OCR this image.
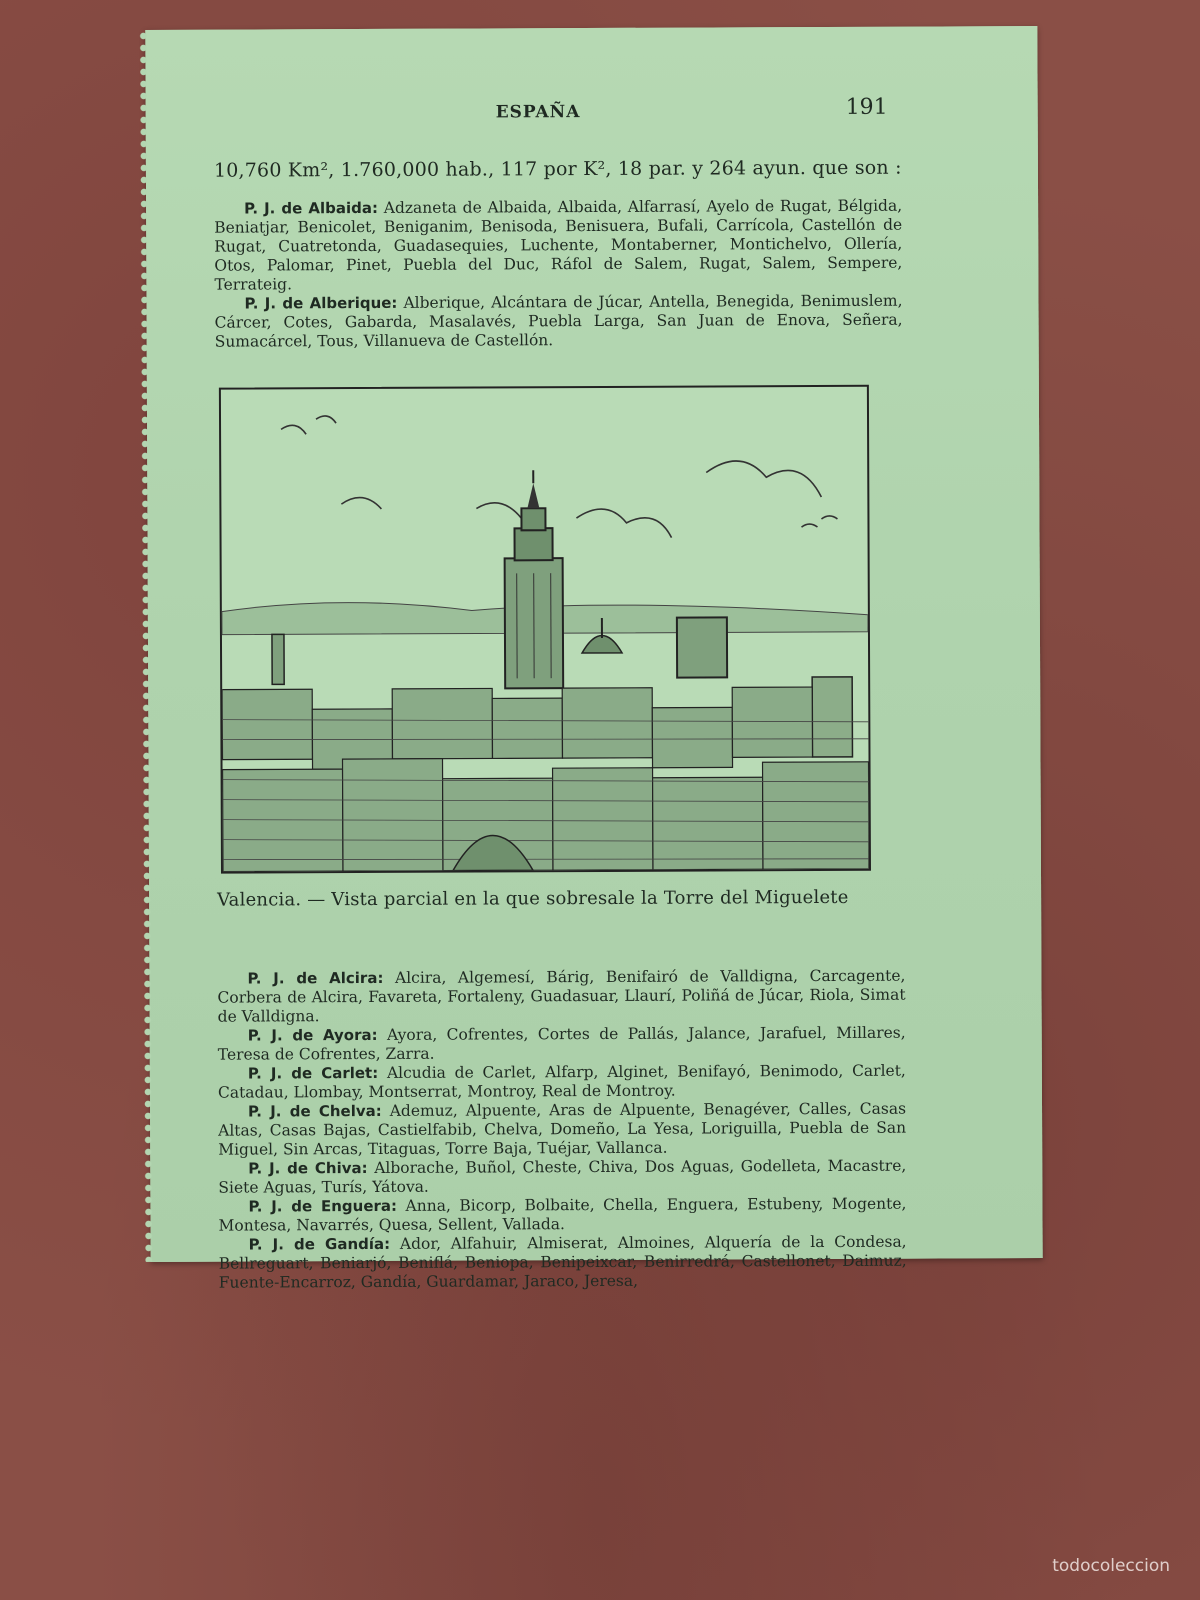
ESPAÑA	191
10,760 Km², 1.760,000 hab., 117 por K², 18 par. y 264 ayun. que son :

P. J. de Albaida: Adzaneta de Albaida, Albaida, Alfarrasí, Ayelo de Rugat, Bélgida, Beniatjar, Benicolet, Beniganim, Benisoda, Benisuera, Bufali, Carrícola, Castellón de Rugat, Cuatretonda, Guadasequies, Luchente, Montaberner, Montichelvo, Ollería, Otos, Palomar, Pinet, Puebla del Duc, Ráfol de Salem, Rugat, Salem, Sempere, Terrateig.

P. J. de Alberique: Alberique, Alcántara de Júcar, Antella, Benegida, Benimuslem, Cárcer, Cotes, Gabarda, Masalavés, Puebla Larga, San Juan de Enova, Señera, Sumacárcel, Tous, Villanueva de Castellón.

Valencia. — Vista parcial en la que sobresale la Torre del Miguelete

P. J. de Alcira: Alcira, Algemesí, Bárig, Benifairó de Valldigna, Carcagente, Corbera de Alcira, Favareta, Fortaleny, Guadasuar, Llaurí, Poliñá de Júcar, Riola, Simat de Valldigna.

P. J. de Ayora: Ayora, Cofrentes, Cortes de Pallás, Jalance, Jarafuel, Millares, Teresa de Cofrentes, Zarra.

P. J. de Carlet: Alcudia de Carlet, Alfarp, Alginet, Benifayó, Benimodo, Carlet, Catadau, Llombay, Montserrat, Montroy, Real de Montroy.

P. J. de Chelva: Ademuz, Alpuente, Aras de Alpuente, Benagéver, Calles, Casas Altas, Casas Bajas, Castielfabib, Chelva, Domeño, La Yesa, Loriguilla, Puebla de San Miguel, Sin Arcas, Titaguas, Torre Baja, Tuéjar, Vallanca.

P. J. de Chiva: Alborache, Buñol, Cheste, Chiva, Dos Aguas, Godelleta, Macastre, Siete Aguas, Turís, Yátova.

P. J. de Enguera: Anna, Bicorp, Bolbaite, Chella, Enguera, Estubeny, Mogente, Montesa, Navarrés, Quesa, Sellent, Vallada.

P. J. de Gandía: Ador, Alfahuir, Almiserat, Almoines, Alquería de la Condesa, Bellreguart, Beniarjó, Beniflá, Beniopa, Benipeixcar, Benirredrá, Castellonet, Daimuz, Fuente-Encarroz, Gandía, Guardamar, Jaraco, Jeresa,

todocoleccion
